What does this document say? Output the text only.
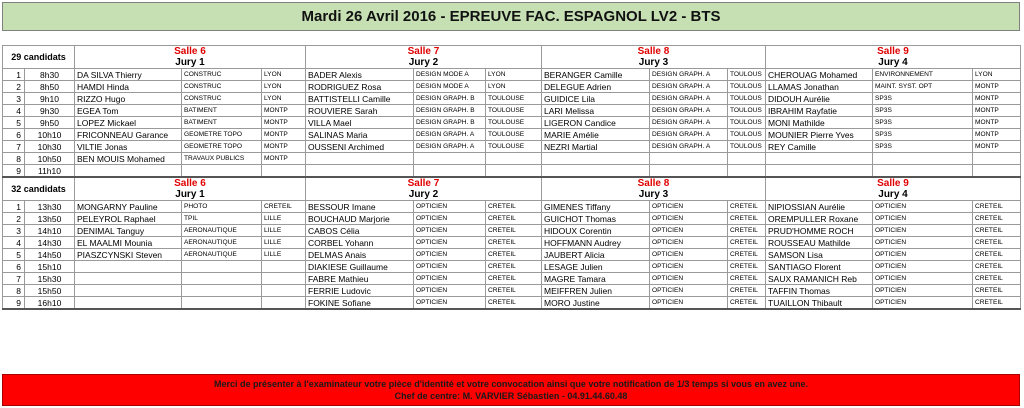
Mardi 26 Avril 2016 - EPREUVE FAC. ESPAGNOL LV2 - BTS
29 candidats		Salle 6			Salle 7			Salle 8			Salle 9		
		Jury 1			Jury 2			Jury 3			Jury 4		
1	8h30	DA SILVA Thierry	CONSTRUC	LYON	BADER Alexis	DESIGN MODE A	LYON	BERANGER Camille	DESIGN GRAPH. A	TOULOUS	CHEROUAG Mohamed	ENVIRONNEMENT	LYON
2	8h50	HAMDI Hinda	CONSTRUC	LYON	RODRIGUEZ Rosa	DESIGN MODE A	LYON	DELEGUE Adrien	DESIGN GRAPH. A	TOULOUS	LLAMAS Jonathan	MAINT. SYST. OPT	MONTP
3	9h10	RIZZO Hugo	CONSTRUC	LYON	BATTISTELLI Camille	DESIGN GRAPH. B	TOULOUSE	GUIDICE Lila	DESIGN GRAPH. A	TOULOUS	DIDOUH Aurélie	SP3S	MONTP
4	9h30	EGEA Tom	BATIMENT	MONTP	ROUVIERE Sarah	DESIGN GRAPH. B	TOULOUSE	LARI Melissa	DESIGN GRAPH. A	TOULOUS	IBRAHIM Rayfatie	SP3S	MONTP
5	9h50	LOPEZ Mickael	BATIMENT	MONTP	VILLA Mael	DESIGN GRAPH. B	TOULOUSE	LIGERON Candice	DESIGN GRAPH. A	TOULOUS	MONI Mathilde	SP3S	MONTP
6	10h10	FRICONNEAU Garance	GEOMETRE TOPO	MONTP	SALINAS Maria	DESIGN GRAPH. A	TOULOUSE	MARIE Amélie	DESIGN GRAPH. A	TOULOUS	MOUNIER Pierre Yves	SP3S	MONTP
7	10h30	VILTIE Jonas	GEOMETRE TOPO	MONTP	OUSSENI Archimed	DESIGN GRAPH. A	TOULOUSE	NEZRI Martial	DESIGN GRAPH. A	TOULOUS	REY Camille	SP3S	MONTP
8	10h50	BEN MOUIS Mohamed	TRAVAUX PUBLICS	MONTP									
9	11h10												
32 candidats		Salle 6			Salle 7			Salle 8			Salle 9		
		Jury 1			Jury 2			Jury 3			Jury 4		
1	13h30	MONGARNY Pauline	PHOTO	CRETEIL	BESSOUR Imane	OPTICIEN	CRETEIL	GIMENES Tiffany	OPTICIEN	CRETEIL	NIPIOSSIAN Aurélie	OPTICIEN	CRETEIL
2	13h50	PELEYROL Raphael	TPIL	LILLE	BOUCHAUD Marjorie	OPTICIEN	CRETEIL	GUICHOT Thomas	OPTICIEN	CRETEIL	OREMPULLER Roxane	OPTICIEN	CRETEIL
3	14h10	DENIMAL Tanguy	AERONAUTIQUE	LILLE	CABOS Célia	OPTICIEN	CRETEIL	HIDOUX Corentin	OPTICIEN	CRETEIL	PRUD'HOMME ROCH	OPTICIEN	CRETEIL
4	14h30	EL MAALMI Mounia	AERONAUTIQUE	LILLE	CORBEL Yohann	OPTICIEN	CRETEIL	HOFFMANN Audrey	OPTICIEN	CRETEIL	ROUSSEAU Mathilde	OPTICIEN	CRETEIL
5	14h50	PIASZCYNSKI Steven	AERONAUTIQUE	LILLE	DELMAS Anais	OPTICIEN	CRETEIL	JAUBERT Alicia	OPTICIEN	CRETEIL	SAMSON Lisa	OPTICIEN	CRETEIL
6	15h10				DIAKIESE Guillaume	OPTICIEN	CRETEIL	LESAGE Julien	OPTICIEN	CRETEIL	SANTIAGO Florent	OPTICIEN	CRETEIL
7	15h30				FABRE Mathieu	OPTICIEN	CRETEIL	MAGRE Tamara	OPTICIEN	CRETEIL	SAUX RAMANICH Reb	OPTICIEN	CRETEIL
8	15h50				FERRIE Ludovic	OPTICIEN	CRETEIL	MEIFFREN Julien	OPTICIEN	CRETEIL	TAFFIN Thomas	OPTICIEN	CRETEIL
9	16h10				FOKINE Sofiane	OPTICIEN	CRETEIL	MORO Justine	OPTICIEN	CRETEIL	TUAILLON Thibault	OPTICIEN	CRETEIL
Merci de présenter à l'examinateur votre pièce d'identité et votre convocation ainsi que votre notification de 1/3 temps si vous en avez une.
Chef de centre: M. VARVIER Sébastien - 04.91.44.60.48
